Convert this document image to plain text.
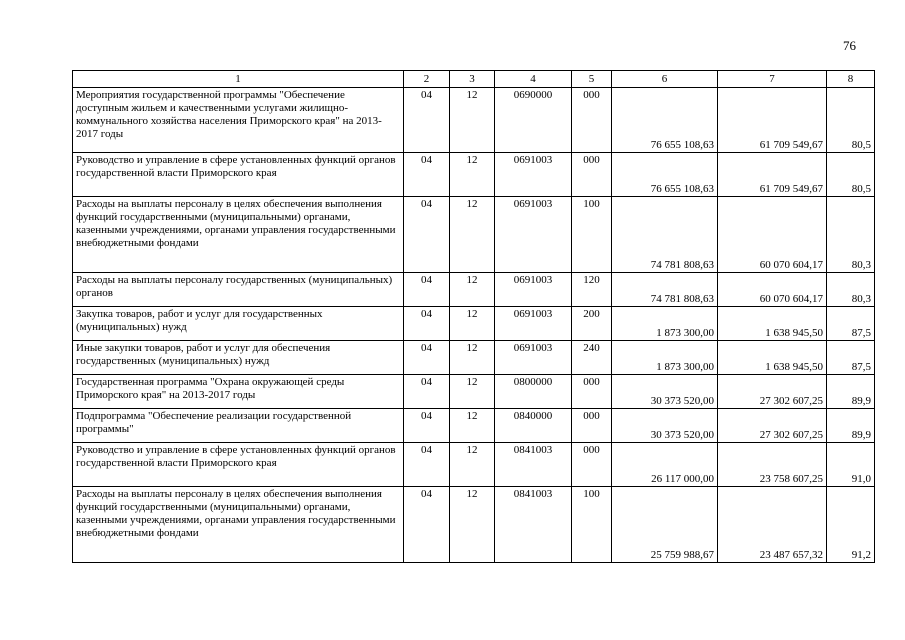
76
1	2	3	4	5	6	7	8
Мероприятия государственной программы "Обеспечение доступным жильем и качественными услугами жилищно-коммунального хозяйства населения Приморского края" на 2013-2017 годы	04	12	0690000	000	76 655 108,63	61 709 549,67	80,5
Руководство и управление в сфере установленных функций органов государственной власти Приморского края	04	12	0691003	000	76 655 108,63	61 709 549,67	80,5
Расходы на выплаты персоналу в целях обеспечения выполнения функций государственными (муниципальными) органами, казенными учреждениями, органами управления государственными внебюджетными фондами	04	12	0691003	100	74 781 808,63	60 070 604,17	80,3
Расходы на выплаты персоналу государственных (муниципальных) органов	04	12	0691003	120	74 781 808,63	60 070 604,17	80,3
Закупка товаров, работ и услуг для государственных (муниципальных) нужд	04	12	0691003	200	1 873 300,00	1 638 945,50	87,5
Иные закупки товаров, работ и услуг для обеспечения государственных (муниципальных) нужд	04	12	0691003	240	1 873 300,00	1 638 945,50	87,5
Государственная программа "Охрана окружающей среды Приморского края" на 2013-2017 годы	04	12	0800000	000	30 373 520,00	27 302 607,25	89,9
Подпрограмма "Обеспечение реализации государственной программы"	04	12	0840000	000	30 373 520,00	27 302 607,25	89,9
Руководство и управление в сфере установленных функций органов государственной власти Приморского края	04	12	0841003	000	26 117 000,00	23 758 607,25	91,0
Расходы на выплаты персоналу в целях обеспечения выполнения функций государственными (муниципальными) органами, казенными учреждениями, органами управления государственными внебюджетными фондами	04	12	0841003	100	25 759 988,67	23 487 657,32	91,2
